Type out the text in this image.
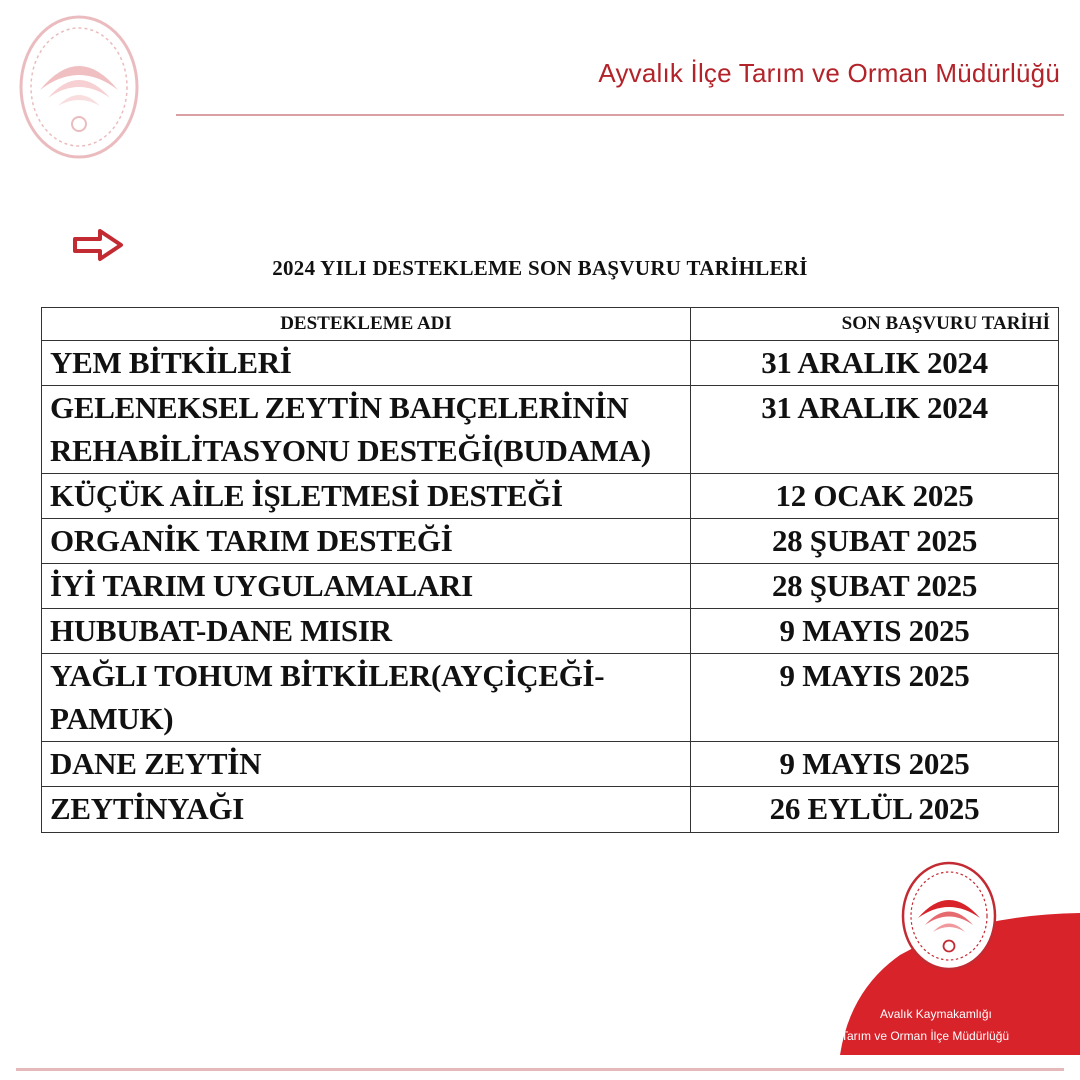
Ayvalık İlçe Tarım ve Orman Müdürlüğü
2024 YILI DESTEKLEME SON BAŞVURU TARİHLERİ
DESTEKLEME ADI	SON BAŞVURU TARİHİ
YEM BİTKİLERİ	31 ARALIK 2024
GELENEKSEL ZEYTİN BAHÇELERİNİN REHABİLİTASYONU DESTEĞİ(BUDAMA)	31 ARALIK 2024
KÜÇÜK AİLE İŞLETMESİ DESTEĞİ	12 OCAK 2025
ORGANİK TARIM DESTEĞİ	28 ŞUBAT 2025
İYİ TARIM UYGULAMALARI	28 ŞUBAT 2025
HUBUBAT-DANE MISIR	9 MAYIS 2025
YAĞLI TOHUM BİTKİLER(AYÇİÇEĞİ-PAMUK)	9 MAYIS 2025
DANE ZEYTİN	9 MAYIS 2025
ZEYTİNYAĞI	26 EYLÜL 2025
Avalık Kaymakamlığı
Tarım ve Orman İlçe Müdürlüğü
